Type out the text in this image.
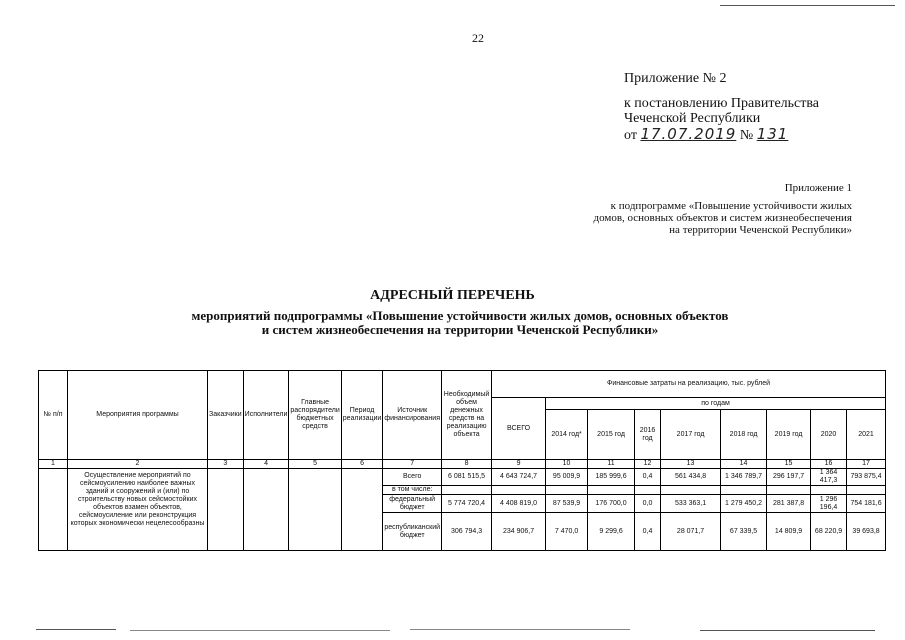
22
Приложение № 2
к постановлению Правительства
Чеченской Республики
от 17.07.2019 № 131
Приложение 1
к подпрограмме «Повышение устойчивости жилых
домов, основных объектов и систем жизнеобеспечения
на территории Чеченской Республики»
АДРЕСНЫЙ ПЕРЕЧЕНЬ
мероприятий подпрограммы «Повышение устойчивости жилых домов, основных объектов
и систем жизнеобеспечения на территории Чеченской Республики»
№ п/п	Мероприятия программы	Заказчики	Исполнители	Главные распорядители бюджетных средств	Период реализации	Источник финансирования	Необходимый объем денежных средств на реализацию объекта	Финансовые затраты на реализацию, тыс. рублей								
								ВСЕГО	по годам							
									2014 год*	2015 год	2016 год	2017 год	2018 год	2019 год	2020	2021
1	2	3	4	5	6	7	8	9	10	11	12	13	14	15	16	17
	Осуществление мероприятий по сейсмоусилению наиболее важных зданий и сооружений и (или) по строительству новых сейсмостойких объектов взамен объектов, сейсмоусиление или реконструкция которых экономически нецелесообразны					Всего	6 081 515,5	4 643 724,7	95 009,9	185 999,6	0,4	561 434,8	1 346 789,7	296 197,7	1 364 417,3	793 875,4
						в том числе:										
						федеральный бюджет	5 774 720,4	4 408 819,0	87 539,9	176 700,0	0,0	533 363,1	1 279 450,2	281 387,8	1 296 196,4	754 181,6
						республиканский бюджет	306 794,3	234 906,7	7 470,0	9 299,6	0,4	28 071,7	67 339,5	14 809,9	68 220,9	39 693,8
